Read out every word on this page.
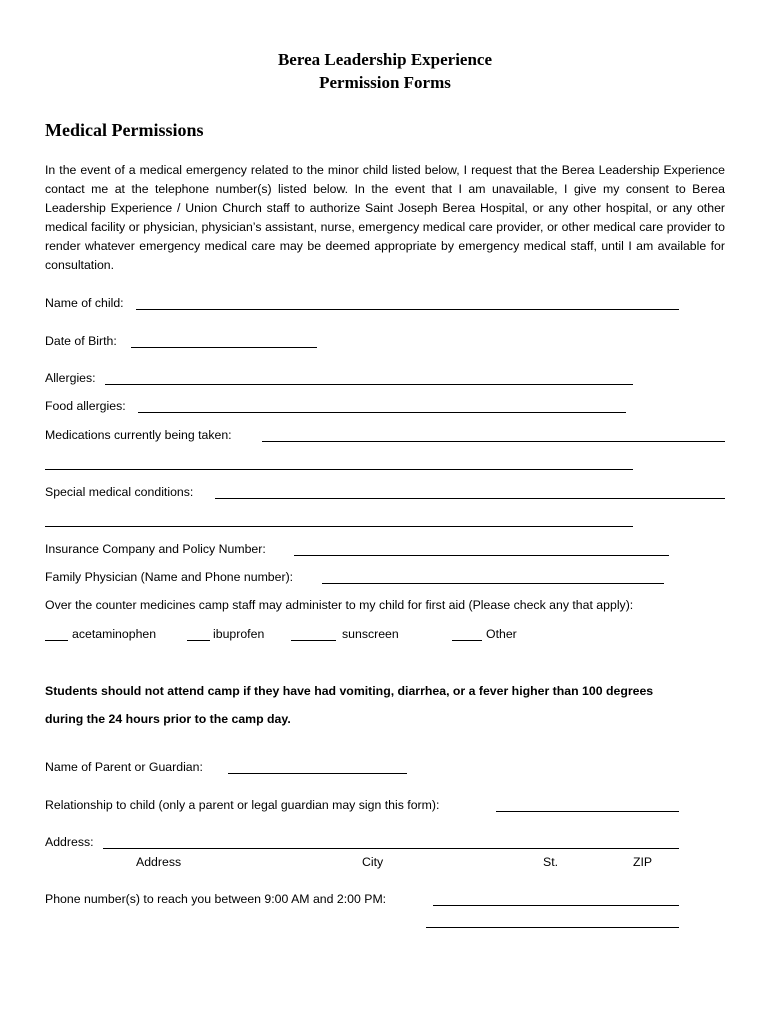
Berea Leadership Experience
Permission Forms
Medical Permissions
In the event of a medical emergency related to the minor child listed below, I request that the Berea Leadership Experience contact me at the telephone number(s) listed below. In the event that I am unavailable, I give my consent to Berea Leadership Experience / Union Church staff to authorize Saint Joseph Berea Hospital, or any other hospital, or any other medical facility or physician, physician’s assistant, nurse, emergency medical care provider, or other medical care provider to render whatever emergency medical care may be deemed appropriate by emergency medical staff, until I am available for consultation.
Name of child:
Date of Birth:
Allergies:
Food allergies:
Medications currently being taken:
Special medical conditions:
Insurance Company and Policy Number:
Family Physician (Name and Phone number):
Over the counter medicines camp staff may administer to my child for first aid (Please check any that apply):
acetaminophen	ibuprofen	sunscreen	Other
Students should not attend camp if they have had vomiting, diarrhea, or a fever higher than 100 degrees
during the 24 hours prior to the camp day.
Name of Parent or Guardian:
Relationship to child (only a parent or legal guardian may sign this form):
Address:
Address	City	St.	ZIP
Phone number(s) to reach you between 9:00 AM and 2:00 PM:
